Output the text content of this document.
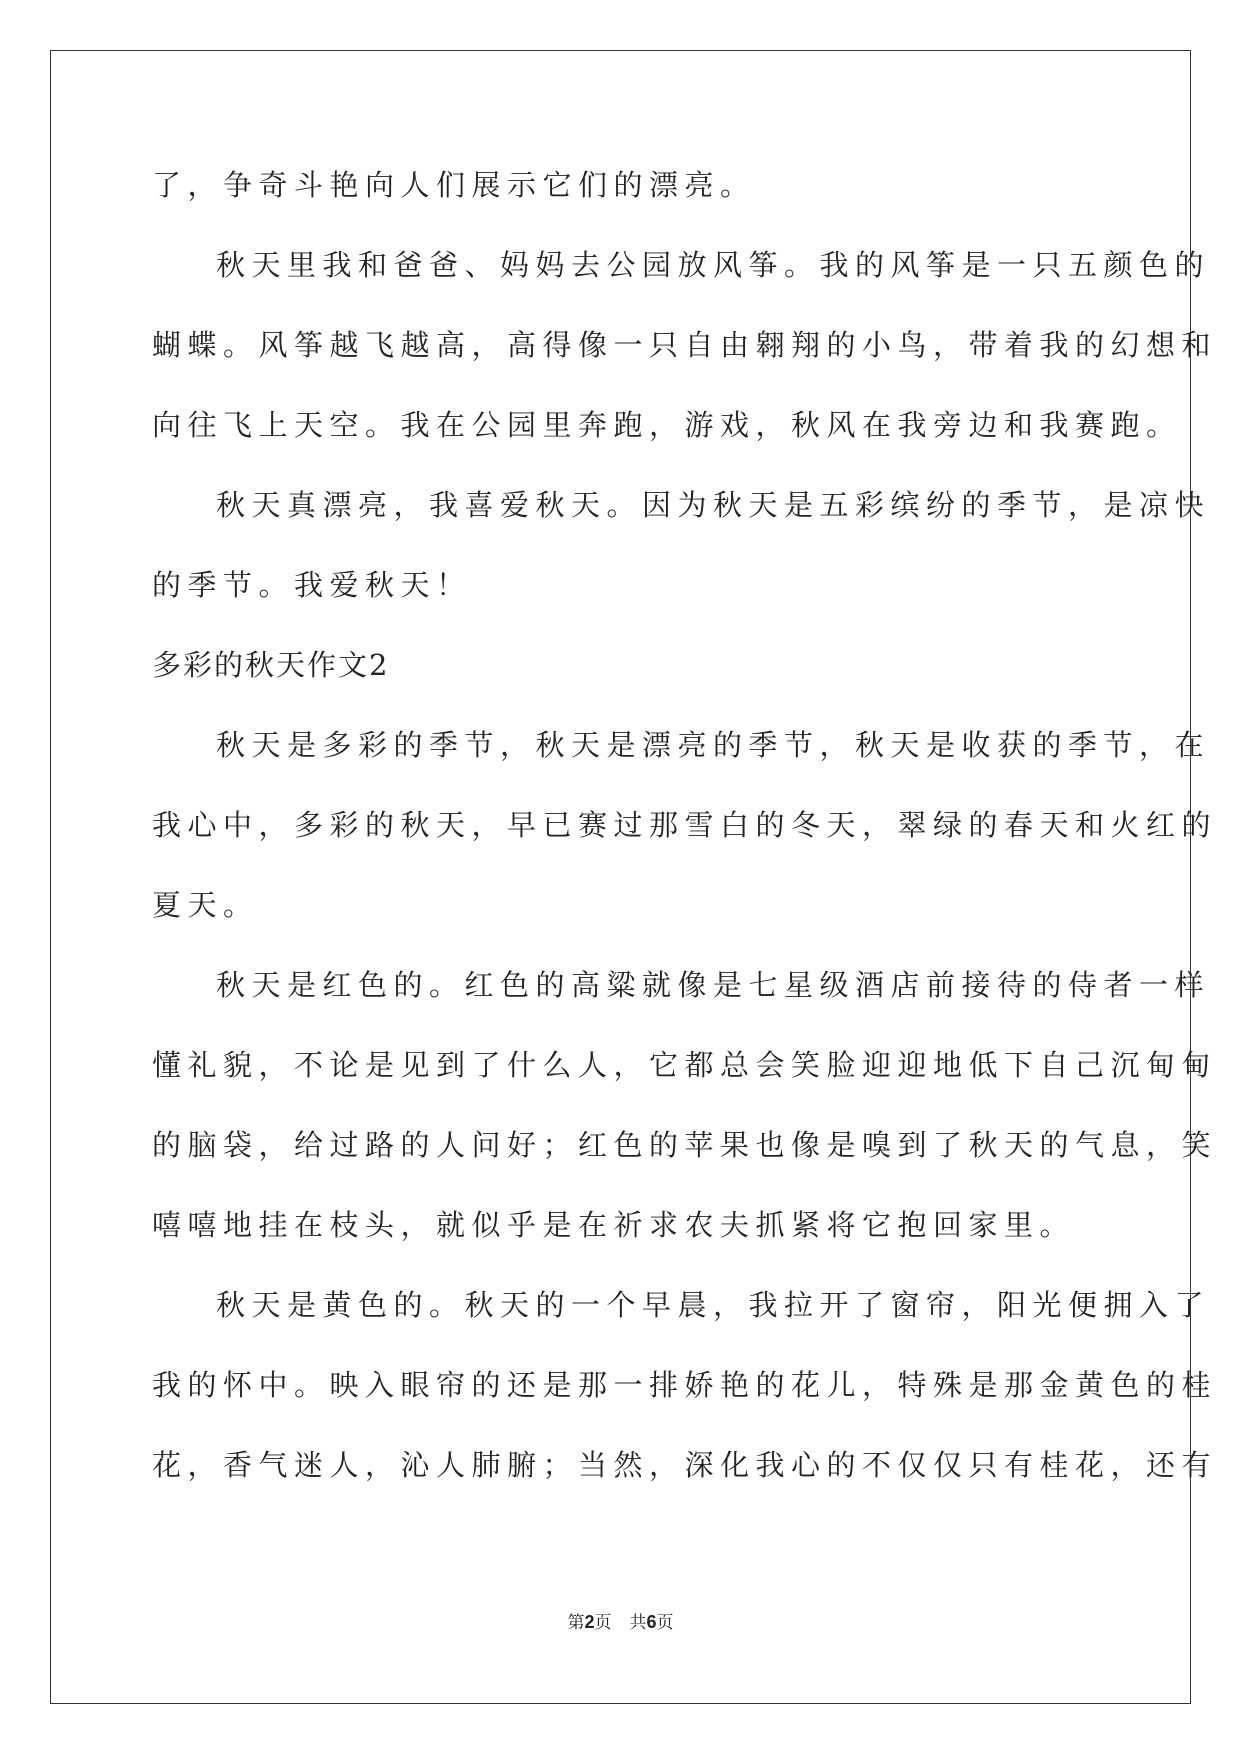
了，争奇斗艳向人们展示它们的漂亮。
秋天里我和爸爸、妈妈去公园放风筝。我的风筝是一只五颜色的
蝴蝶。风筝越飞越高，高得像一只自由翱翔的小鸟，带着我的幻想和
向往飞上天空。我在公园里奔跑，游戏，秋风在我旁边和我赛跑。
秋天真漂亮，我喜爱秋天。因为秋天是五彩缤纷的季节，是凉快
的季节。我爱秋天！
多彩的秋天作文2
秋天是多彩的季节，秋天是漂亮的季节，秋天是收获的季节，在
我心中，多彩的秋天，早已赛过那雪白的冬天，翠绿的春天和火红的
夏天。
秋天是红色的。红色的高粱就像是七星级酒店前接待的侍者一样
懂礼貌，不论是见到了什么人，它都总会笑脸迎迎地低下自己沉甸甸
的脑袋，给过路的人问好；红色的苹果也像是嗅到了秋天的气息，笑
嘻嘻地挂在枝头，就似乎是在祈求农夫抓紧将它抱回家里。
秋天是黄色的。秋天的一个早晨，我拉开了窗帘，阳光便拥入了
我的怀中。映入眼帘的还是那一排娇艳的花儿，特殊是那金黄色的桂
花，香气迷人，沁人肺腑；当然，深化我心的不仅仅只有桂花，还有
第2页 共6页
